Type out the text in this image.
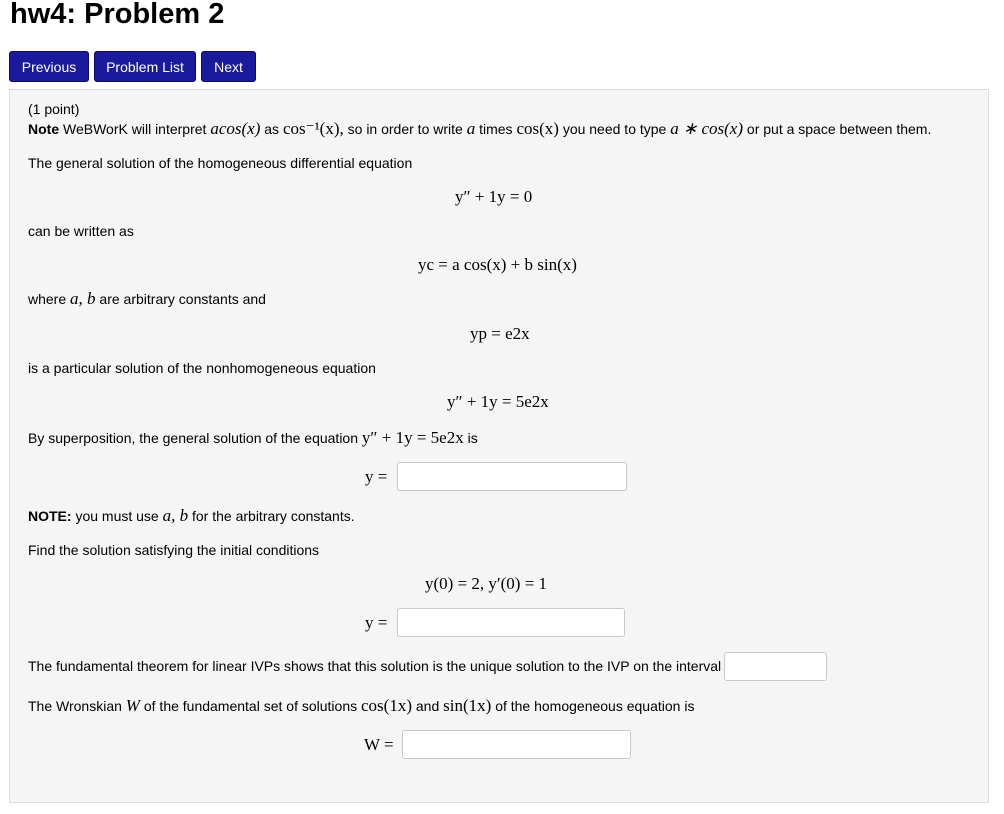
hw4: Problem 2
Previous	Problem List	Next
(1 point)
Note WeBWorK will interpret acos(x) as cos⁻¹(x), so in order to write a times cos(x) you need to type a ∗ cos(x) or put a space between them.
The general solution of the homogeneous differential equation
y″ + 1y = 0
can be written as
yc = a cos(x) + b sin(x)
where a, b are arbitrary constants and
yp = e2x
is a particular solution of the nonhomogeneous equation
y″ + 1y = 5e2x
By superposition, the general solution of the equation y″ + 1y = 5e2x is
y =
NOTE: you must use a, b for the arbitrary constants.
Find the solution satisfying the initial conditions
y(0) = 2, y′(0) = 1
y =
The fundamental theorem for linear IVPs shows that this solution is the unique solution to the IVP on the interval
The Wronskian W of the fundamental set of solutions cos(1x) and sin(1x) of the homogeneous equation is
W =
